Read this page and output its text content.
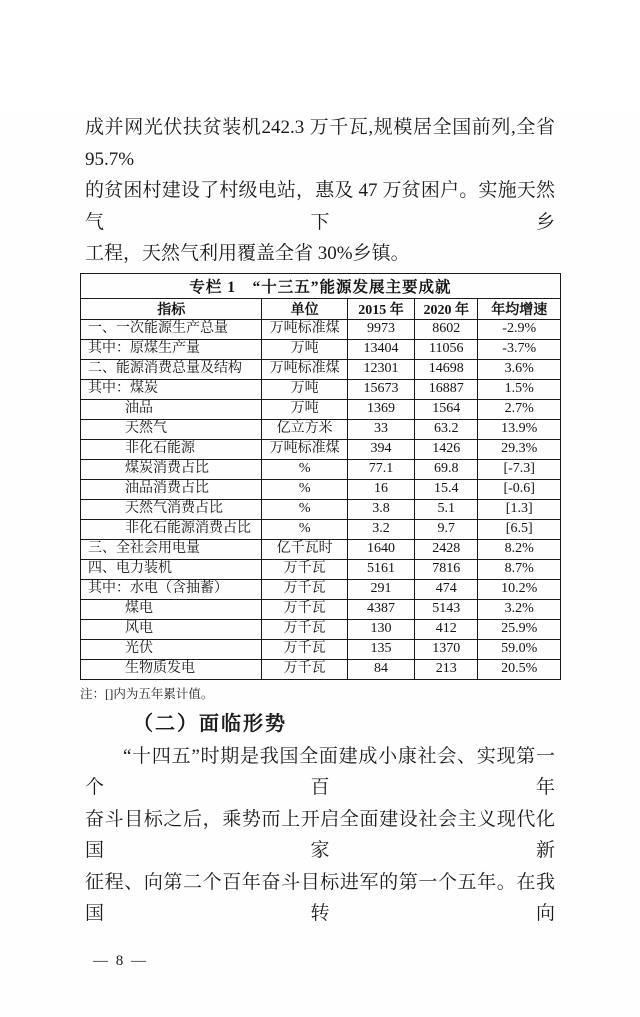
成并网光伏扶贫装机242.3 万千瓦,规模居全国前列,全省 95.7%
的贫困村建设了村级电站，惠及 47 万贫困户。实施天然气下乡
工程，天然气利用覆盖全省 30%乡镇。
专栏 1　“十三五”能源发展主要成就				
指标	单位	2015 年	2020 年	年均增速
一、一次能源生产总量	万吨标准煤	9973	8602	-2.9%
其中：原煤生产量	万吨	13404	11056	-3.7%
二、能源消费总量及结构	万吨标准煤	12301	14698	3.6%
其中：煤炭	万吨	15673	16887	1.5%
油品	万吨	1369	1564	2.7%
天然气	亿立方米	33	63.2	13.9%
非化石能源	万吨标准煤	394	1426	29.3%
煤炭消费占比	%	77.1	69.8	[-7.3]
油品消费占比	%	16	15.4	[-0.6]
天然气消费占比	%	3.8	5.1	[1.3]
非化石能源消费占比	%	3.2	9.7	[6.5]
三、全社会用电量	亿千瓦时	1640	2428	8.2%
四、电力装机	万千瓦	5161	7816	8.7%
其中：水电（含抽蓄）	万千瓦	291	474	10.2%
煤电	万千瓦	4387	5143	3.2%
风电	万千瓦	130	412	25.9%
光伏	万千瓦	135	1370	59.0%
生物质发电	万千瓦	84	213	20.5%
注：[]内为五年累计值。
（二）面临形势
“十四五”时期是我国全面建成小康社会、实现第一个百年
奋斗目标之后，乘势而上开启全面建设社会主义现代化国家新
征程、向第二个百年奋斗目标进军的第一个五年。在我国转向
— 8 —
